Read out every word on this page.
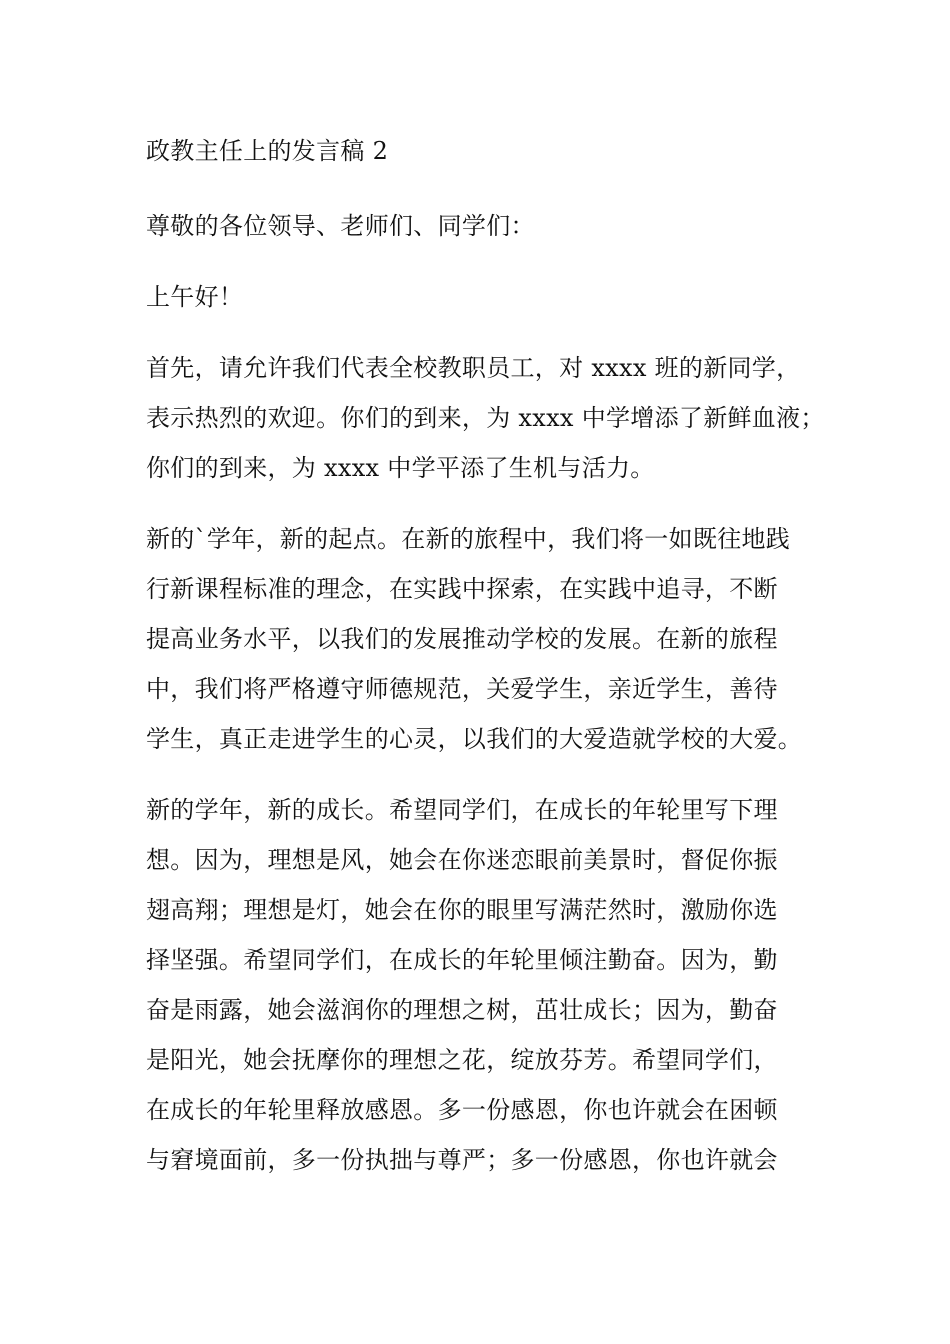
政教主任上的发言稿 2
尊敬的各位领导、老师们、同学们：
上午好！
首先，请允许我们代表全校教职员工，对 xxxx 班的新同学，
表示热烈的欢迎。你们的到来，为 xxxx 中学增添了新鲜血液；
你们的到来，为 xxxx 中学平添了生机与活力。
新的`学年，新的起点。在新的旅程中，我们将一如既往地践
行新课程标准的理念，在实践中探索，在实践中追寻，不断
提高业务水平，以我们的发展推动学校的发展。在新的旅程
中，我们将严格遵守师德规范，关爱学生，亲近学生，善待
学生，真正走进学生的心灵，以我们的大爱造就学校的大爱。
新的学年，新的成长。希望同学们，在成长的年轮里写下理
想。因为，理想是风，她会在你迷恋眼前美景时，督促你振
翅高翔；理想是灯，她会在你的眼里写满茫然时，激励你选
择坚强。希望同学们，在成长的年轮里倾注勤奋。因为，勤
奋是雨露，她会滋润你的理想之树，茁壮成长；因为，勤奋
是阳光，她会抚摩你的理想之花，绽放芬芳。希望同学们，
在成长的年轮里释放感恩。多一份感恩，你也许就会在困顿
与窘境面前，多一份执拙与尊严；多一份感恩，你也许就会
